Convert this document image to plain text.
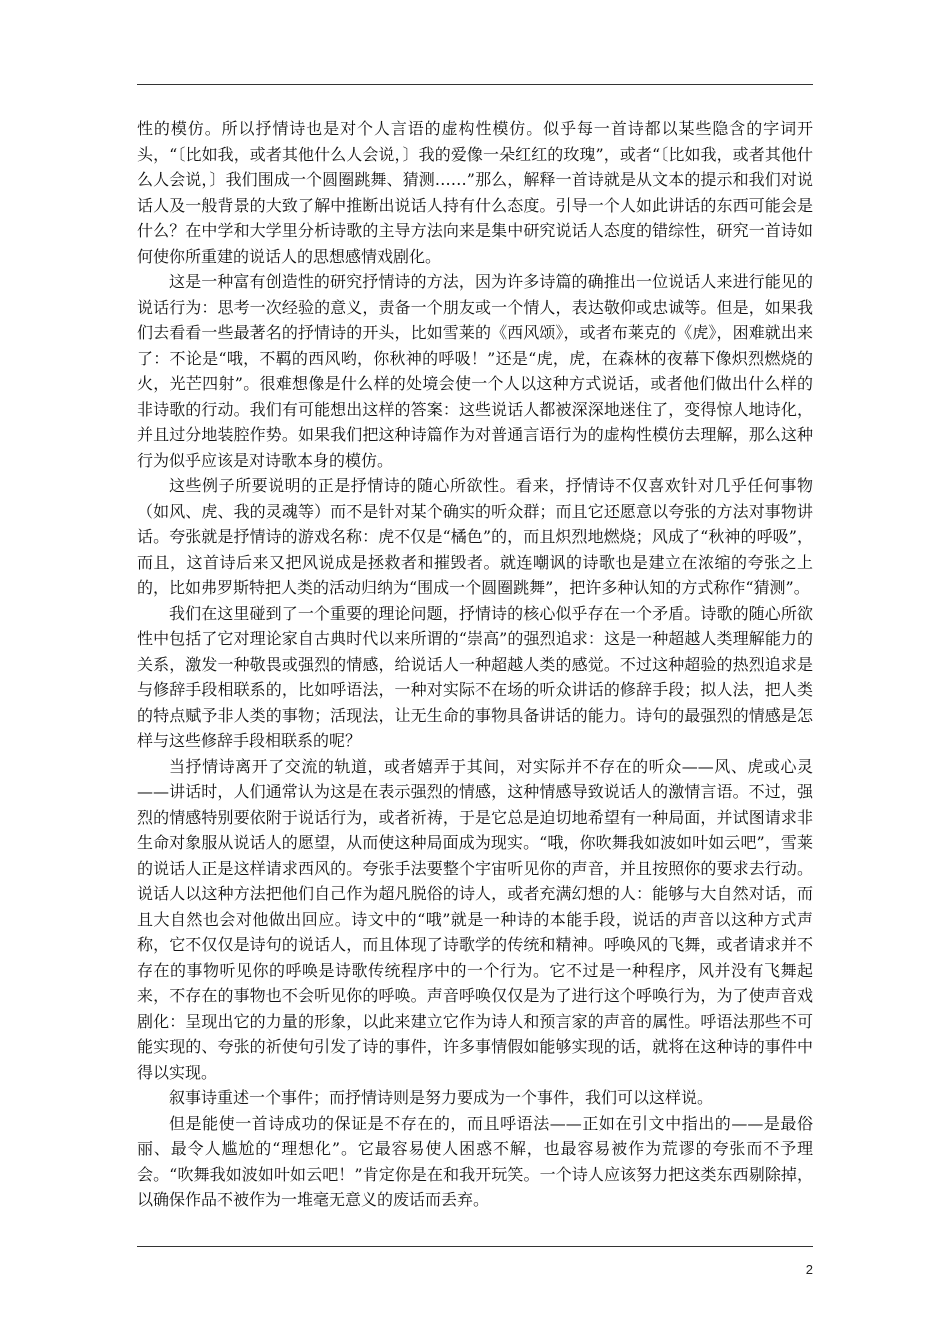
性的模仿。所以抒情诗也是对个人言语的虚构性模仿。似乎每一首诗都以某些隐含的字词开头，“〔比如我，或者其他什么人会说，〕我的爱像一朵红红的玫瑰”，或者“〔比如我，或者其他什么人会说，〕我们围成一个圆圈跳舞、猜测……”那么，解释一首诗就是从文本的提示和我们对说话人及一般背景的大致了解中推断出说话人持有什么态度。引导一个人如此讲话的东西可能会是什么？在中学和大学里分析诗歌的主导方法向来是集中研究说话人态度的错综性，研究一首诗如何使你所重建的说话人的思想感情戏剧化。

这是一种富有创造性的研究抒情诗的方法，因为许多诗篇的确推出一位说话人来进行能见的说话行为：思考一次经验的意义，责备一个朋友或一个情人，表达敬仰或忠诚等。但是，如果我们去看看一些最著名的抒情诗的开头，比如雪莱的《西风颂》，或者布莱克的《虎》，困难就出来了：不论是“哦，不羁的西风哟，你秋神的呼吸！”还是“虎，虎，在森林的夜幕下像炽烈燃烧的火，光芒四射”。很难想像是什么样的处境会使一个人以这种方式说话，或者他们做出什么样的非诗歌的行动。我们有可能想出这样的答案：这些说话人都被深深地迷住了，变得惊人地诗化，并且过分地装腔作势。如果我们把这种诗篇作为对普通言语行为的虚构性模仿去理解，那么这种行为似乎应该是对诗歌本身的模仿。

这些例子所要说明的正是抒情诗的随心所欲性。看来，抒情诗不仅喜欢针对几乎任何事物（如风、虎、我的灵魂等）而不是针对某个确实的听众群；而且它还愿意以夸张的方法对事物讲话。夸张就是抒情诗的游戏名称：虎不仅是“橘色”的，而且炽烈地燃烧；风成了“秋神的呼吸”，而且，这首诗后来又把风说成是拯救者和摧毁者。就连嘲讽的诗歌也是建立在浓缩的夸张之上的，比如弗罗斯特把人类的活动归纳为“围成一个圆圈跳舞”，把许多种认知的方式称作“猜测”。

我们在这里碰到了一个重要的理论问题，抒情诗的核心似乎存在一个矛盾。诗歌的随心所欲性中包括了它对理论家自古典时代以来所谓的“崇高”的强烈追求：这是一种超越人类理解能力的关系，激发一种敬畏或强烈的情感，给说话人一种超越人类的感觉。不过这种超验的热烈追求是与修辞手段相联系的，比如呼语法，一种对实际不在场的听众讲话的修辞手段；拟人法，把人类的特点赋予非人类的事物；活现法，让无生命的事物具备讲话的能力。诗句的最强烈的情感是怎样与这些修辞手段相联系的呢？

当抒情诗离开了交流的轨道，或者嬉弄于其间，对实际并不存在的听众——风、虎或心灵——讲话时，人们通常认为这是在表示强烈的情感，这种情感导致说话人的激情言语。不过，强烈的情感特别要依附于说话行为，或者祈祷，于是它总是迫切地希望有一种局面，并试图请求非生命对象服从说话人的愿望，从而使这种局面成为现实。“哦，你吹舞我如波如叶如云吧”，雪莱的说话人正是这样请求西风的。夸张手法要整个宇宙听见你的声音，并且按照你的要求去行动。说话人以这种方法把他们自己作为超凡脱俗的诗人，或者充满幻想的人：能够与大自然对话，而且大自然也会对他做出回应。诗文中的“哦”就是一种诗的本能手段，说话的声音以这种方式声称，它不仅仅是诗句的说话人，而且体现了诗歌学的传统和精神。呼唤风的飞舞，或者请求并不存在的事物听见你的呼唤是诗歌传统程序中的一个行为。它不过是一种程序，风并没有飞舞起来，不存在的事物也不会听见你的呼唤。声音呼唤仅仅是为了进行这个呼唤行为，为了使声音戏剧化：呈现出它的力量的形象，以此来建立它作为诗人和预言家的声音的属性。呼语法那些不可能实现的、夸张的祈使句引发了诗的事件，许多事情假如能够实现的话，就将在这种诗的事件中得以实现。

叙事诗重述一个事件；而抒情诗则是努力要成为一个事件，我们可以这样说。

但是能使一首诗成功的保证是不存在的，而且呼语法——正如在引文中指出的——是最俗丽、最令人尴尬的“理想化”。它最容易使人困惑不解，也最容易被作为荒谬的夸张而不予理会。“吹舞我如波如叶如云吧！”肯定你是在和我开玩笑。一个诗人应该努力把这类东西剔除掉，以确保作品不被作为一堆毫无意义的废话而丢弃。

2
